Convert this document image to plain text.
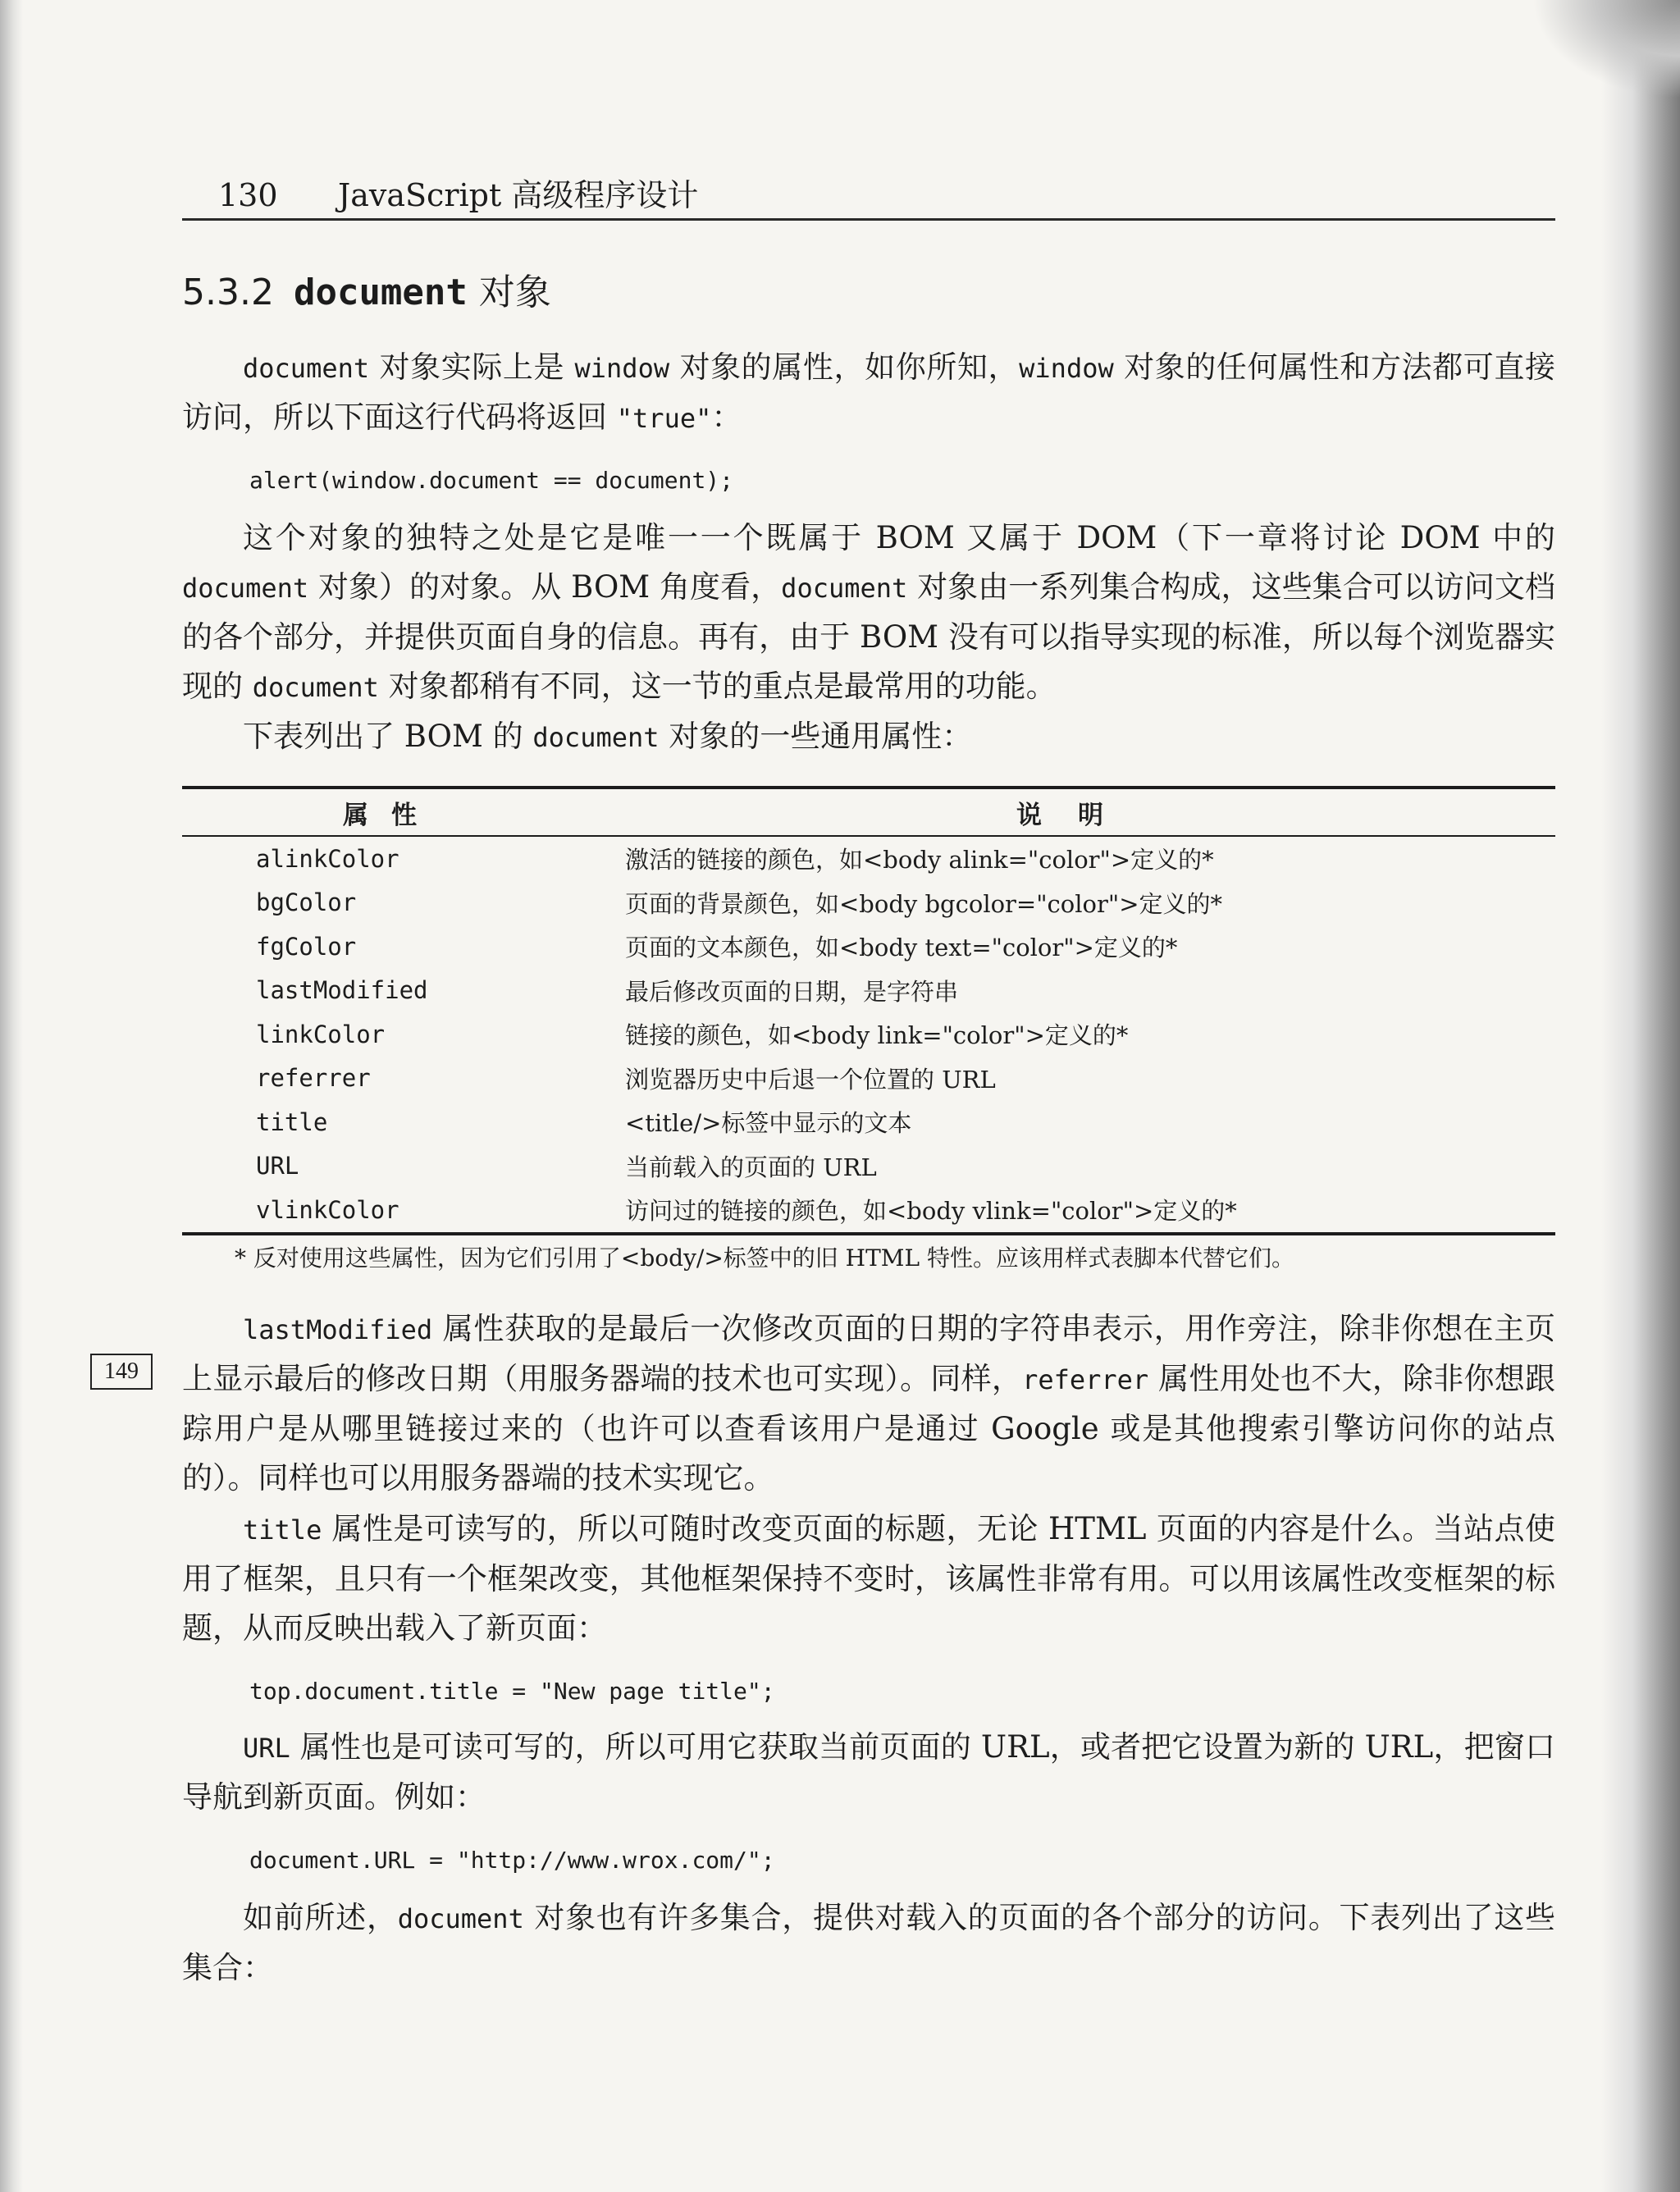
149
130 JavaScript 高级程序设计
5.3.2 document 对象
document 对象实际上是 window 对象的属性，如你所知，window 对象的任何属性和方法都可直接访问，所以下面这行代码将返回 "true"：
alert(window.document == document);
这个对象的独特之处是它是唯一一个既属于 BOM 又属于 DOM（下一章将讨论 DOM 中的 document 对象）的对象。从 BOM 角度看，document 对象由一系列集合构成，这些集合可以访问文档的各个部分，并提供页面自身的信息。再有，由于 BOM 没有可以指导实现的标准，所以每个浏览器实现的 document 对象都稍有不同，这一节的重点是最常用的功能。
下表列出了 BOM 的 document 对象的一些通用属性：
属性	说明
alinkColor	激活的链接的颜色，如<body alink="color">定义的*
bgColor	页面的背景颜色，如<body bgcolor="color">定义的*
fgColor	页面的文本颜色，如<body text="color">定义的*
lastModified	最后修改页面的日期，是字符串
linkColor	链接的颜色，如<body link="color">定义的*
referrer	浏览器历史中后退一个位置的 URL
title	<title/>标签中显示的文本
URL	当前载入的页面的 URL
vlinkColor	访问过的链接的颜色，如<body vlink="color">定义的*
* 反对使用这些属性，因为它们引用了<body/>标签中的旧 HTML 特性。应该用样式表脚本代替它们。
lastModified 属性获取的是最后一次修改页面的日期的字符串表示，用作旁注，除非你想在主页上显示最后的修改日期（用服务器端的技术也可实现）。同样，referrer 属性用处也不大，除非你想跟踪用户是从哪里链接过来的（也许可以查看该用户是通过 Google 或是其他搜索引擎访问你的站点的）。同样也可以用服务器端的技术实现它。
title 属性是可读写的，所以可随时改变页面的标题，无论 HTML 页面的内容是什么。当站点使用了框架，且只有一个框架改变，其他框架保持不变时，该属性非常有用。可以用该属性改变框架的标题，从而反映出载入了新页面：
top.document.title = "New page title";
URL 属性也是可读可写的，所以可用它获取当前页面的 URL，或者把它设置为新的 URL，把窗口导航到新页面。例如：
document.URL = "http://www.wrox.com/";
如前所述，document 对象也有许多集合，提供对载入的页面的各个部分的访问。下表列出了这些集合：
